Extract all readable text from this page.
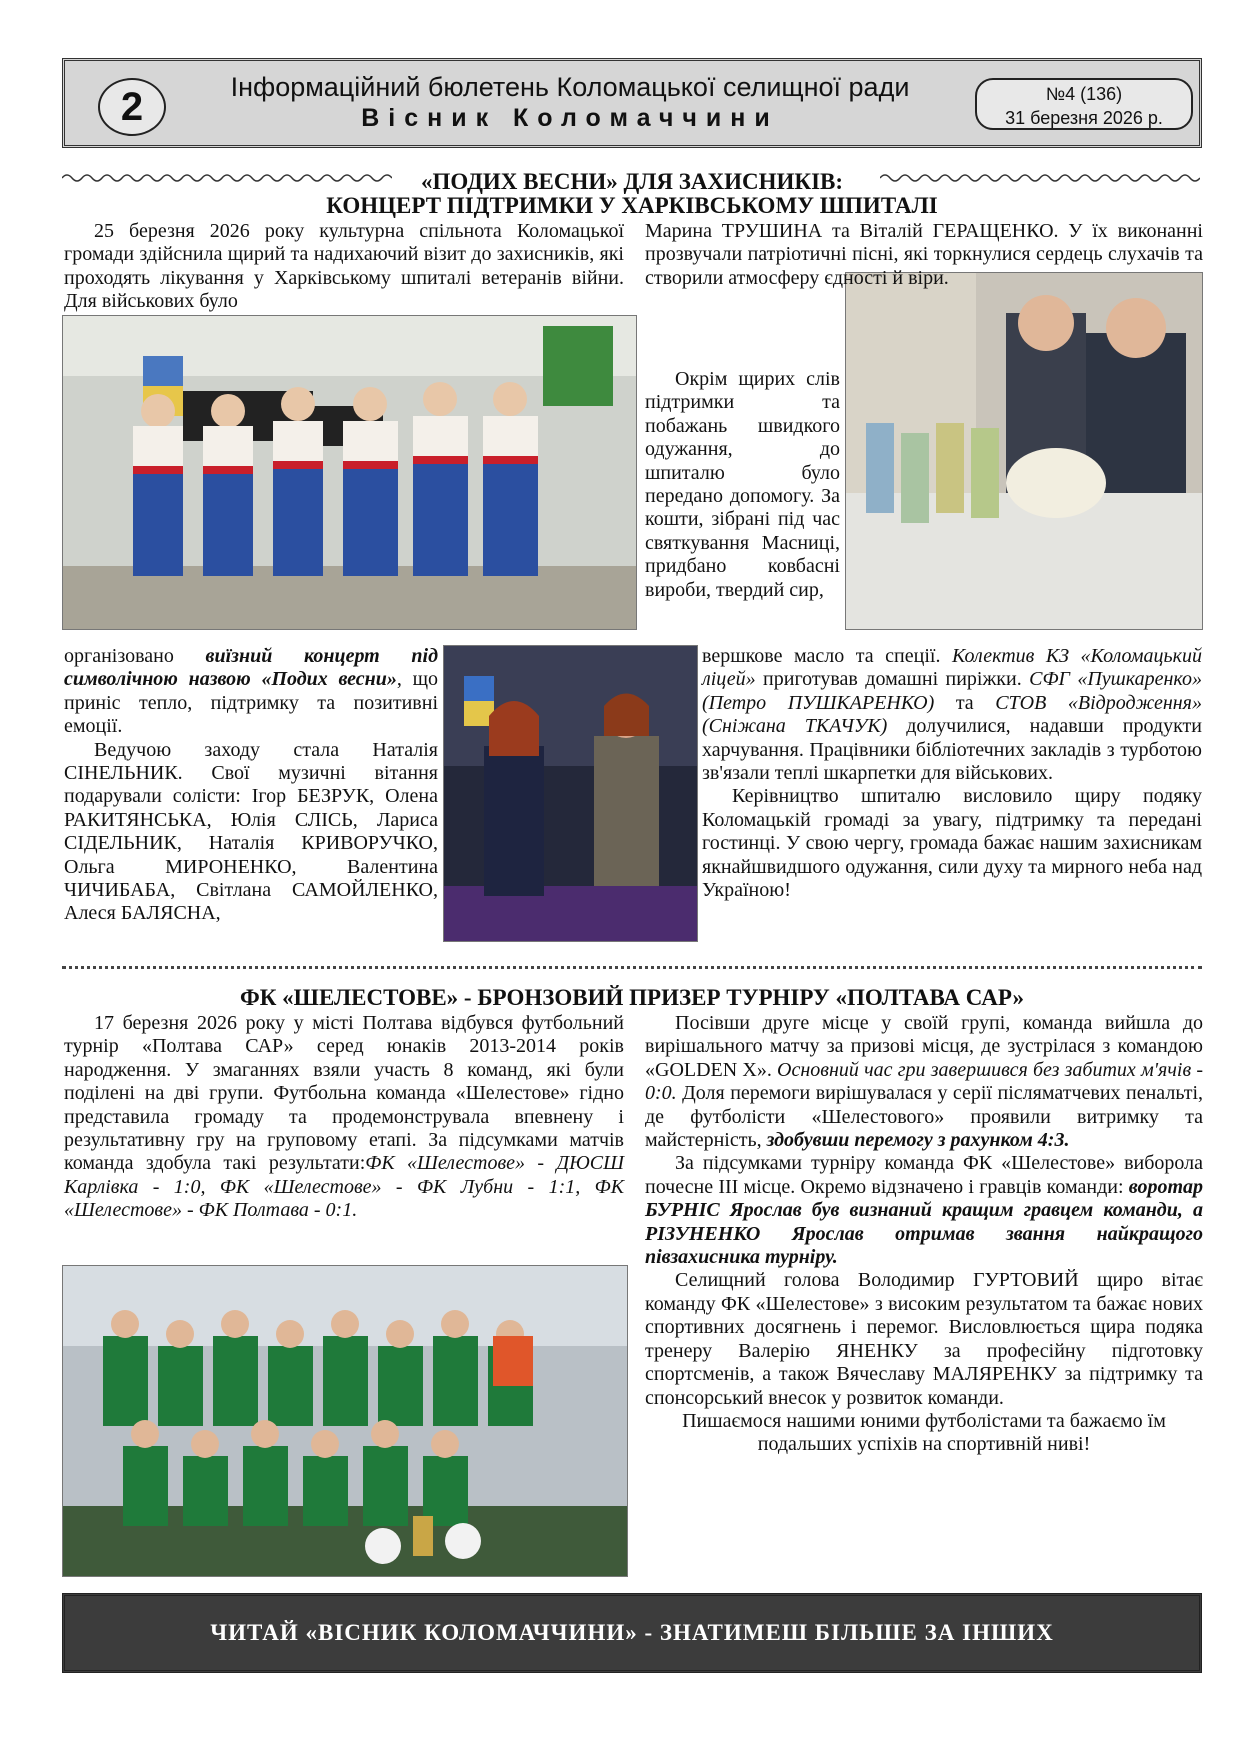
2	Інформаційний бюлетень Коломацької селищної ради
Вісник Коломаччини
№4 (136)
31 березня 2026 р.
«ПОДИХ ВЕСНИ» ДЛЯ ЗАХИСНИКІВ:
КОНЦЕРТ ПІДТРИМКИ У ХАРКІВСЬКОМУ ШПИТАЛІ
25 березня 2026 року культурна спільнота Коломацької громади здійснила щирий та надихаючий візит до захисників, які проходять лікування у Харківському шпиталі ветеранів війни. Для військових було

Марина ТРУШИНА та Віталій ГЕРАЩЕНКО. У їх виконанні прозвучали патріотичні пісні, які торкнулися сердець слухачів та створили атмосферу єдності й віри.

Окрім щирих слів підтримки та побажань швидкого одужання, до шпиталю було передано допомогу. За кошти, зібрані під час святкування Масниці, придбано ковбасні вироби, твердий сир,

організовано виїзний концерт під символічною назвою «Подих весни», що приніс тепло, підтримку та позитивні емоції.

Ведучою заходу стала Наталія СІНЕЛЬНИК. Свої музичні вітання подарували солісти: Ігор БЕЗРУК, Олена РАКИТЯНСЬКА, Юлія СЛІСЬ, Лариса СІДЕЛЬНИК, Наталія КРИВОРУЧКО, Ольга МИРОНЕНКО, Валентина ЧИЧИБАБА, Світлана САМОЙЛЕНКО, Алеся БАЛЯСНА,

вершкове масло та спеції. Колектив КЗ «Коломацький ліцей» приготував домашні пиріжки. СФГ «Пушкаренко» (Петро ПУШКАРЕНКО) та СТОВ «Відродження» (Сніжана ТКАЧУК) долучилися, надавши продукти харчування. Працівники бібліотечних закладів з турботою зв'язали теплі шкарпетки для військових.

Керівництво шпиталю висловило щиру подяку Коломацькій громаді за увагу, підтримку та передані гостинці. У свою чергу, громада бажає нашим захисникам якнайшвидшого одужання, сили духу та мирного неба над Україною!

ФК «ШЕЛЕСТОВЕ» - БРОНЗОВИЙ ПРИЗЕР ТУРНІРУ «ПОЛТАВА САР»

17 березня 2026 року у місті Полтава відбувся футбольний турнір «Полтава САР» серед юнаків 2013-2014 років народження. У змаганнях взяли участь 8 команд, які були поділені на дві групи. Футбольна команда «Шелестове» гідно представила громаду та продемонструвала впевнену і результативну гру на груповому етапі. За підсумками матчів команда здобула такі результати:ФК «Шелестове» - ДЮСШ Карлівка - 1:0, ФК «Шелестове» - ФК Лубни - 1:1, ФК «Шелестове» - ФК Полтава - 0:1.

Посівши друге місце у своїй групі, команда вийшла до вирішального матчу за призові місця, де зустрілася з командою «GOLDEN X». Основний час гри завершився без забитих м'ячів - 0:0. Доля перемоги вирішувалася у серії післяматчевих пенальті, де футболісти «Шелестового» проявили витримку та майстерність, здобувши перемогу з рахунком 4:3.

За підсумками турніру команда ФК «Шелестове» виборола почесне ІІІ місце. Окремо відзначено і гравців команди: воротар БУРНІС Ярослав був визнаний кращим гравцем команди, а РІЗУНЕНКО Ярослав отримав звання найкращого півзахисника турніру.

Селищний голова Володимир ГУРТОВИЙ щиро вітає команду ФК «Шелестове» з високим результатом та бажає нових спортивних досягнень і перемог. Висловлюється щира подяка тренеру Валерію ЯНЕНКУ за професійну підготовку спортсменів, а також Вячеславу МАЛЯРЕНКУ за підтримку та спонсорський внесок у розвиток команди.

Пишаємося нашими юними футболістами та бажаємо їм подальших успіхів на спортивній ниві!

ЧИТАЙ «ВІСНИК КОЛОМАЧЧИНИ» - ЗНАТИМЕШ БІЛЬШЕ ЗА ІНШИХ
